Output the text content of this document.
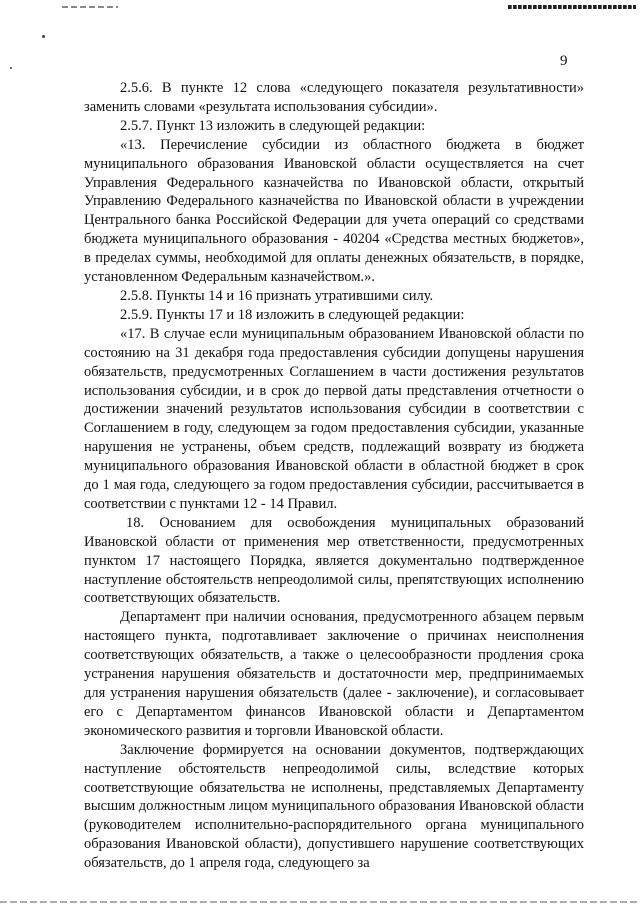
9

2.5.6. В пункте 12 слова «следующего показателя результативности» заменить словами «результата использования субсидии».

2.5.7. Пункт 13 изложить в следующей редакции:

«13. Перечисление субсидии из областного бюджета в бюджет муниципального образования Ивановской области осуществляется на счет Управления Федерального казначейства по Ивановской области, открытый Управлению Федерального казначейства по Ивановской области в учреждении Центрального банка Российской Федерации для учета операций со средствами бюджета муниципального образования - 40204 «Средства местных бюджетов», в пределах суммы, необходимой для оплаты денежных обязательств, в порядке, установленном Федеральным казначейством.».

2.5.8. Пункты 14 и 16 признать утратившими силу.

2.5.9. Пункты 17 и 18 изложить в следующей редакции:

«17. В случае если муниципальным образованием Ивановской области по состоянию на 31 декабря года предоставления субсидии допущены нарушения обязательств, предусмотренных Соглашением в части достижения результатов использования субсидии, и в срок до первой даты представления отчетности о достижении значений результатов использования субсидии в соответствии с Соглашением в году, следующем за годом предоставления субсидии, указанные нарушения не устранены, объем средств, подлежащий возврату из бюджета муниципального образования Ивановской области в областной бюджет в срок до 1 мая года, следующего за годом предоставления субсидии, рассчитывается в соответствии с пунктами 12 - 14 Правил.

18. Основанием для освобождения муниципальных образований Ивановской области от применения мер ответственности, предусмотренных пунктом 17 настоящего Порядка, является документально подтвержденное наступление обстоятельств непреодолимой силы, препятствующих исполнению соответствующих обязательств.

Департамент при наличии основания, предусмотренного абзацем первым настоящего пункта, подготавливает заключение о причинах неисполнения соответствующих обязательств, а также о целесообразности продления срока устранения нарушения обязательств и достаточности мер, предпринимаемых для устранения нарушения обязательств (далее - заключение), и согласовывает его с Департаментом финансов Ивановской области и Департаментом экономического развития и торговли Ивановской области.

Заключение формируется на основании документов, подтверждающих наступление обстоятельств непреодолимой силы, вследствие которых соответствующие обязательства не исполнены, представляемых Департаменту высшим должностным лицом муниципального образования Ивановской области (руководителем исполнительно-распорядительного органа муниципального образования Ивановской области), допустившего нарушение соответствующих обязательств, до 1 апреля года, следующего за
